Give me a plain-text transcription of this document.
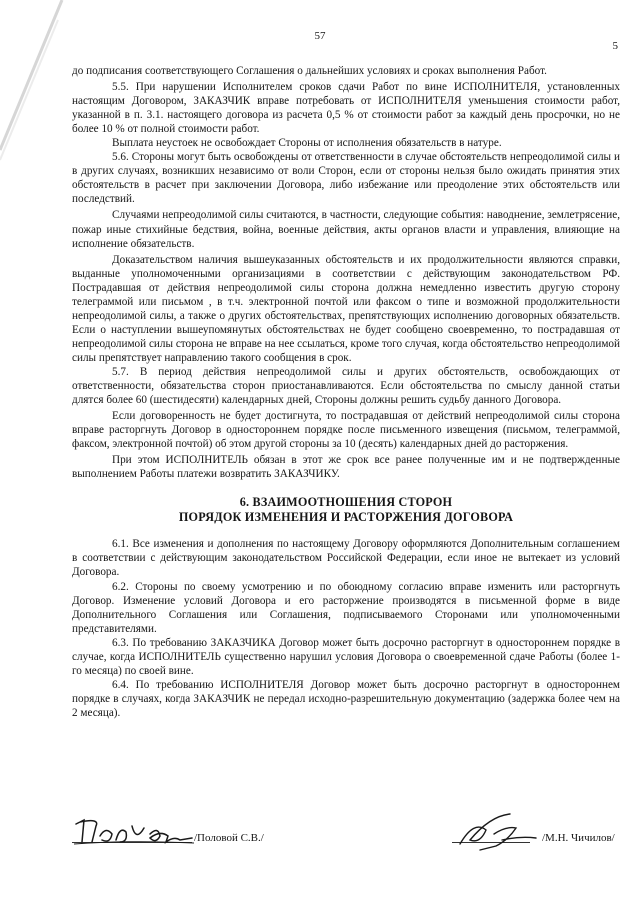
57
5

до подписания соответствующего Соглашения о дальнейших условиях и сроках выполнения Работ.

5.5. При нарушении Исполнителем сроков сдачи Работ по вине ИСПОЛНИТЕЛЯ, установленных настоящим Договором, ЗАКАЗЧИК вправе потребовать от ИСПОЛНИТЕЛЯ уменьшения стоимости работ, указанной в п. 3.1. настоящего договора из расчета 0,5 % от стоимости работ за каждый день просрочки, но не более 10 % от полной стоимости работ.

Выплата неустоек не освобождает Стороны от исполнения обязательств в натуре.

5.6. Стороны могут быть освобождены от ответственности в случае обстоятельств непреодолимой силы и в других случаях, возникших независимо от воли Сторон, если от стороны нельзя было ожидать принятия этих обстоятельств в расчет при заключении Договора, либо избежание или преодоление этих обстоятельств или последствий.

Случаями непреодолимой силы считаются, в частности, следующие события: наводнение, землетрясение, пожар иные стихийные бедствия, война, военные действия, акты органов власти и управления, влияющие на исполнение обязательств.

Доказательством наличия вышеуказанных обстоятельств и их продолжительности являются справки, выданные уполномоченными организациями в соответствии с действующим законодательством РФ. Пострадавшая от действия непреодолимой силы сторона должна немедленно известить другую сторону телеграммой или письмом , в т.ч. электронной почтой или факсом о типе и возможной продолжительности непреодолимой силы, а также о других обстоятельствах, препятствующих исполнению договорных обязательств. Если о наступлении вышеупомянутых обстоятельствах не будет сообщено своевременно, то пострадавшая от непреодолимой силы сторона не вправе на нее ссылаться, кроме того случая, когда обстоятельство непреодолимой силы препятствует направлению такого сообщения в срок.

5.7. В период действия непреодолимой силы и других обстоятельств, освобождающих от ответственности, обязательства сторон приостанавливаются. Если обстоятельства по смыслу данной статьи длятся более 60 (шестидесяти) календарных дней, Стороны должны решить судьбу данного Договора.

Если договоренность не будет достигнута, то пострадавшая от действий непреодолимой силы сторона вправе расторгнуть Договор в одностороннем порядке после письменного извещения (письмом, телеграммой, факсом, электронной почтой) об этом другой стороны за 10 (десять) календарных дней до расторжения.

При этом ИСПОЛНИТЕЛЬ обязан в этот же срок все ранее полученные им и не подтвержденные выполнением Работы платежи возвратить ЗАКАЗЧИКУ.

6. ВЗАИМООТНОШЕНИЯ СТОРОН
ПОРЯДОК ИЗМЕНЕНИЯ И РАСТОРЖЕНИЯ ДОГОВОРА

6.1. Все изменения и дополнения по настоящему Договору оформляются Дополнительным соглашением в соответствии с действующим законодательством Российской Федерации, если иное не вытекает из условий Договора.

6.2. Стороны по своему усмотрению и по обоюдному согласию вправе изменить или расторгнуть Договор. Изменение условий Договора и его расторжение производятся в письменной форме в виде Дополнительного Соглашения или Соглашения, подписываемого Сторонами или уполномоченными представителями.

6.3. По требованию ЗАКАЗЧИКА Договор может быть досрочно расторгнут в одностороннем порядке в случае, когда ИСПОЛНИТЕЛЬ существенно нарушил условия Договора о своевременной сдаче Работы (более 1-го месяца) по своей вине.

6.4. По требованию ИСПОЛНИТЕЛЯ Договор может быть досрочно расторгнут в одностороннем порядке в случаях, когда ЗАКАЗЧИК не передал исходно-разрешительную документацию (задержка более чем на 2 месяца).

/Половой С.В./	/М.Н. Чичилов/
